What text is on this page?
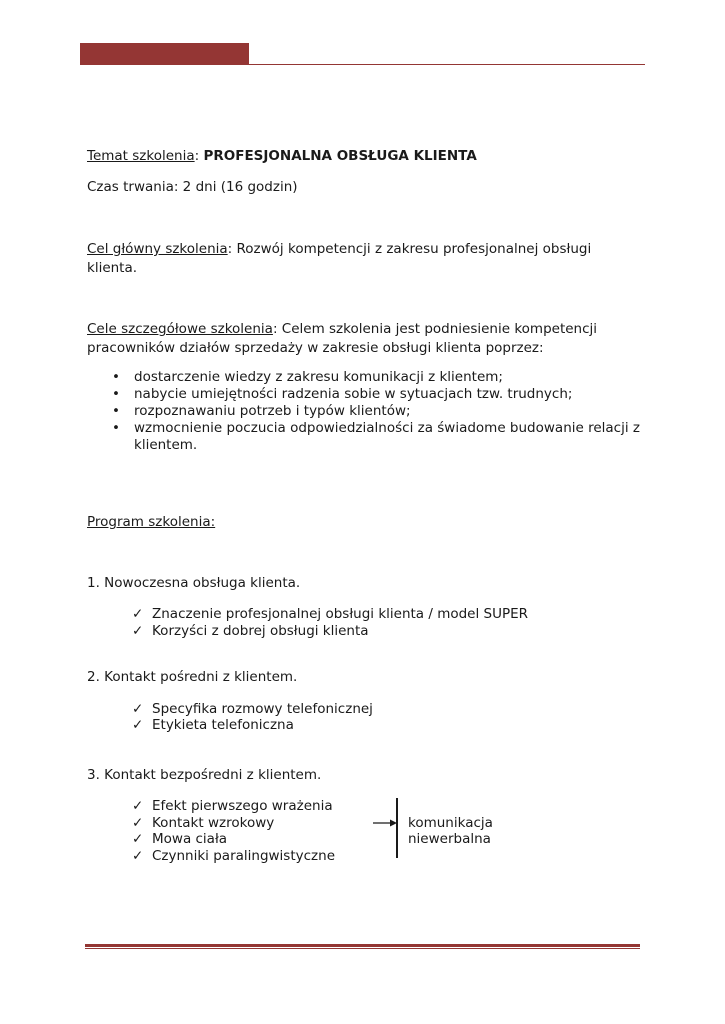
Temat szkolenia: PROFESJONALNA OBSŁUGA KLIENTA
Czas trwania: 2 dni (16 godzin)
Cel główny szkolenia: Rozwój kompetencji z zakresu profesjonalnej obsługi
klienta.
Cele szczegółowe szkolenia: Celem szkolenia jest podniesienie kompetencji
pracowników działów sprzedaży w zakresie obsługi klienta poprzez:
• dostarczenie wiedzy z zakresu komunikacji z klientem;
• nabycie umiejętności radzenia sobie w sytuacjach tzw. trudnych;
• rozpoznawaniu potrzeb i typów klientów;
• wzmocnienie poczucia odpowiedzialności za świadome budowanie relacji z
klientem.
Program szkolenia:
1. Nowoczesna obsługa klienta.
✓ Znaczenie profesjonalnej obsługi klienta / model SUPER
✓ Korzyści z dobrej obsługi klienta
2. Kontakt pośredni z klientem.
✓ Specyfika rozmowy telefonicznej
✓ Etykieta telefoniczna
3. Kontakt bezpośredni z klientem.
✓ Efekt pierwszego wrażenia
✓ Kontakt wzrokowy
✓ Mowa ciała
✓ Czynniki paralingwistyczne
komunikacja
niewerbalna
